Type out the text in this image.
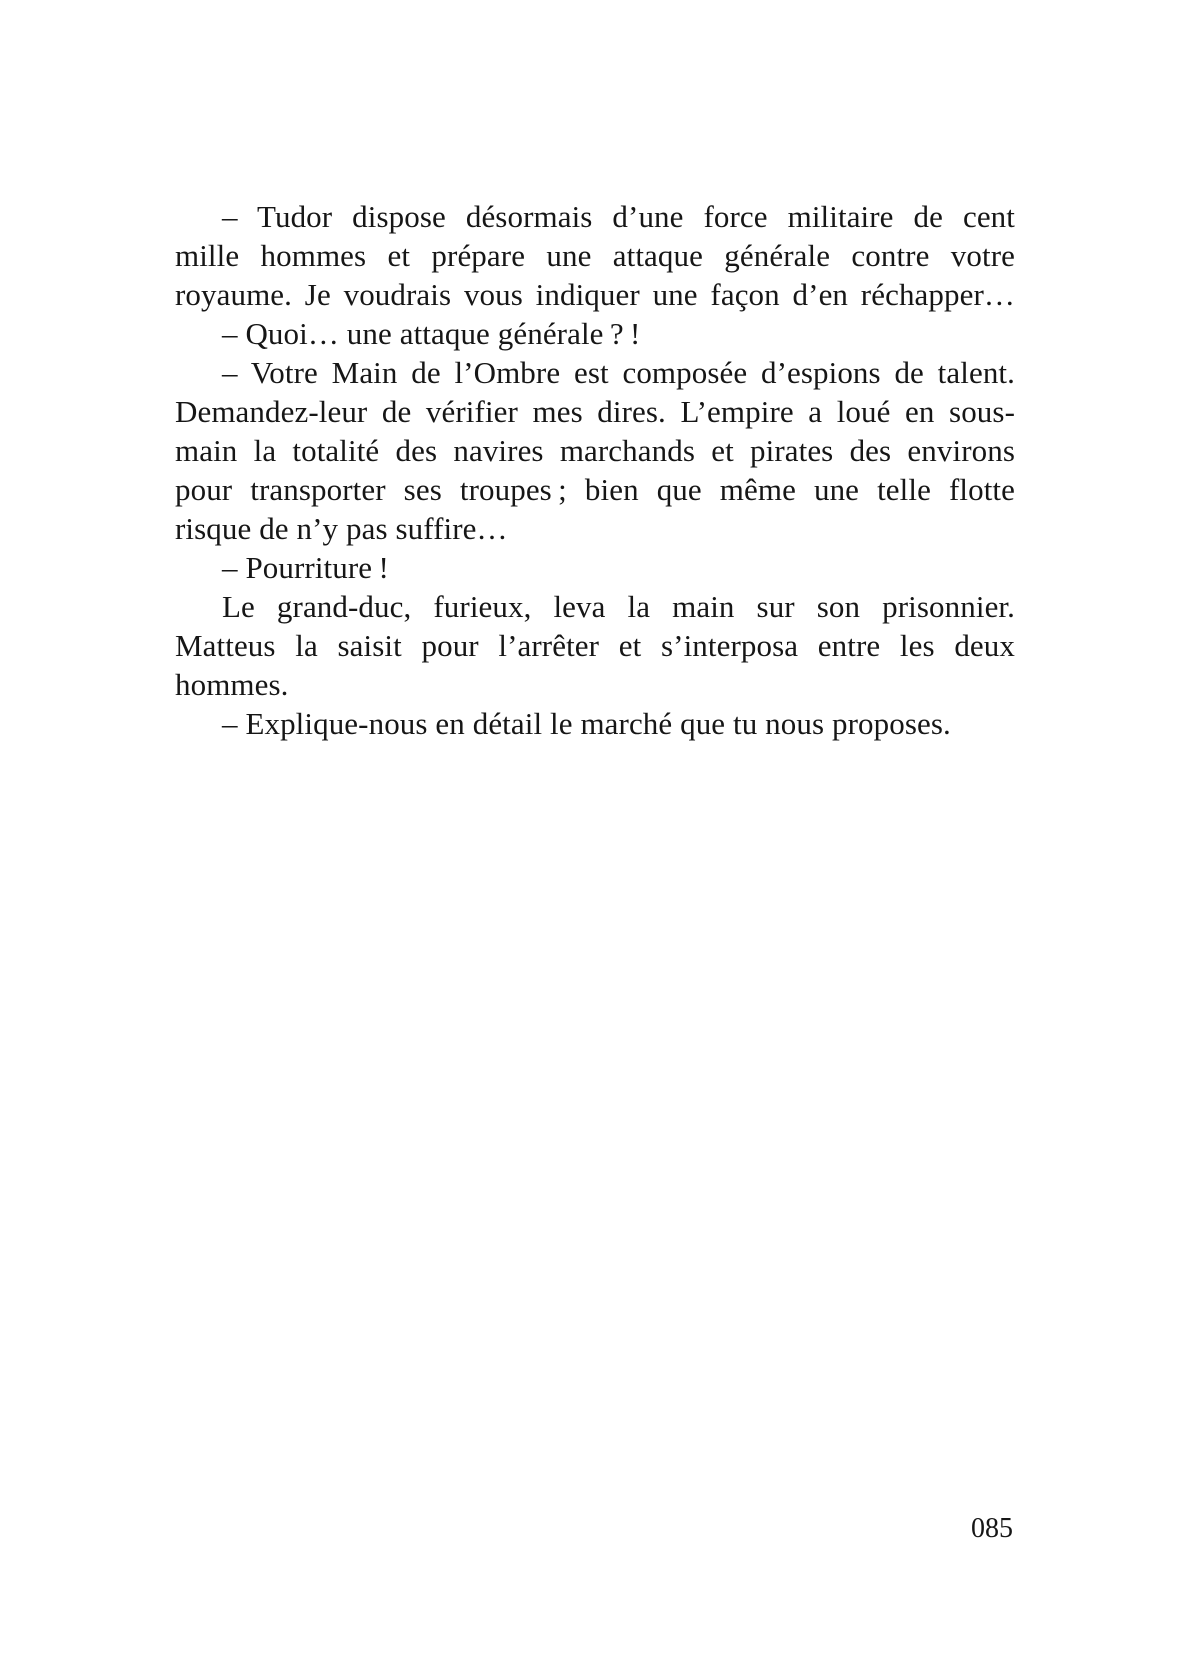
– Tudor dispose désormais d’une force militaire de cent
mille hommes et prépare une attaque générale contre votre
royaume. Je voudrais vous indiquer une façon d’en réchapper…

– Quoi… une attaque générale ? !

– Votre Main de l’Ombre est composée d’espions de talent.
Demandez-leur de vérifier mes dires. L’empire a loué en sous-
main la totalité des navires marchands et pirates des environs
pour transporter ses troupes ; bien que même une telle flotte
risque de n’y pas suffire…

– Pourriture !

Le grand-duc, furieux, leva la main sur son prisonnier.
Matteus la saisit pour l’arrêter et s’interposa entre les deux
hommes.

– Explique-nous en détail le marché que tu nous proposes.

085
